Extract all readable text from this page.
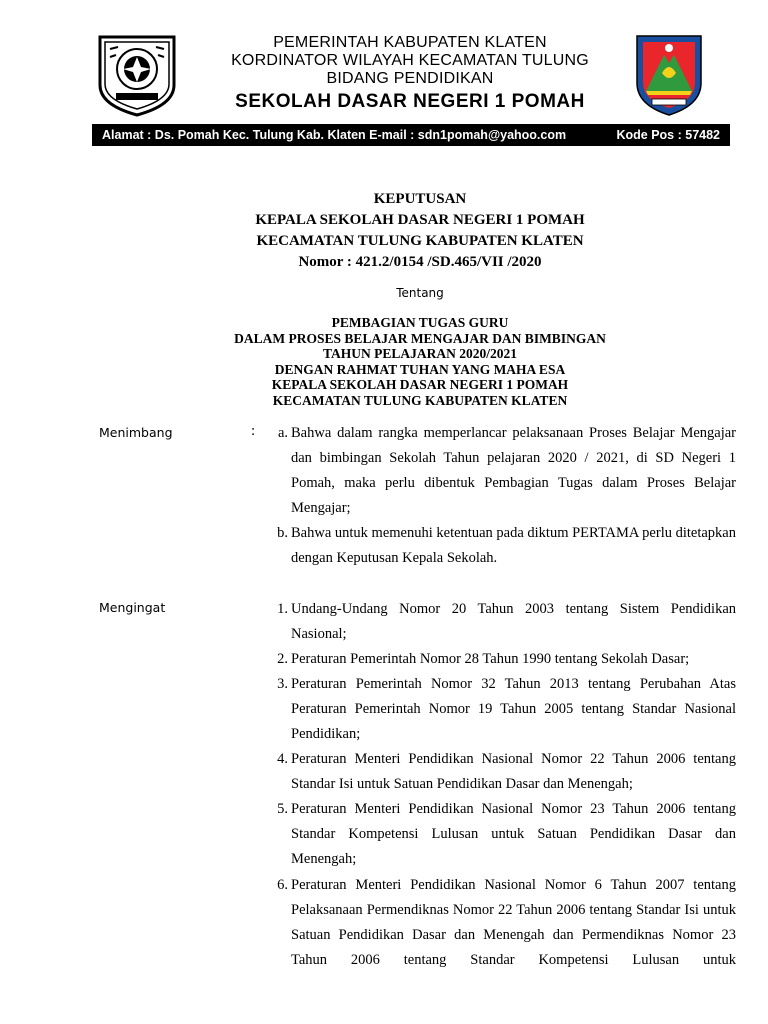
PEMERINTAH KABUPATEN KLATEN
KORDINATOR WILAYAH KECAMATAN TULUNG
BIDANG PENDIDIKAN
SEKOLAH DASAR NEGERI 1 POMAH
Alamat : Ds. Pomah Kec. Tulung Kab. Klaten E-mail : sdn1pomah@yahoo.com	Kode Pos : 57482
KEPUTUSAN
KEPALA SEKOLAH DASAR NEGERI 1 POMAH
KECAMATAN TULUNG KABUPATEN KLATEN
Nomor : 421.2/0154 /SD.465/VII /2020
Tentang
PEMBAGIAN TUGAS GURU
DALAM PROSES BELAJAR MENGAJAR DAN BIMBINGAN
TAHUN PELAJARAN 2020/2021
DENGAN RAHMAT TUHAN YANG MAHA ESA
KEPALA SEKOLAH DASAR NEGERI 1 POMAH
KECAMATAN TULUNG KABUPATEN KLATEN
Menimbang	:	a. Bahwa dalam rangka memperlancar pelaksanaan Proses Belajar Mengajar dan bimbingan Sekolah Tahun pelajaran 2020 / 2021, di SD Negeri 1 Pomah, maka perlu dibentuk Pembagian Tugas dalam Proses Belajar Mengajar;
b. Bahwa untuk memenuhi ketentuan pada diktum PERTAMA perlu ditetapkan dengan Keputusan Kepala Sekolah.
Mengingat	1. Undang-Undang Nomor 20 Tahun 2003 tentang Sistem Pendidikan Nasional;
2. Peraturan Pemerintah Nomor 28 Tahun 1990 tentang Sekolah Dasar;
3. Peraturan Pemerintah Nomor 32 Tahun 2013 tentang Perubahan Atas Peraturan Pemerintah Nomor 19 Tahun 2005 tentang Standar Nasional Pendidikan;
4. Peraturan Menteri Pendidikan Nasional Nomor 22 Tahun 2006 tentang Standar Isi untuk Satuan Pendidikan Dasar dan Menengah;
5. Peraturan Menteri Pendidikan Nasional Nomor 23 Tahun 2006 tentang Standar Kompetensi Lulusan untuk Satuan Pendidikan Dasar dan Menengah;
6. Peraturan Menteri Pendidikan Nasional Nomor 6 Tahun 2007 tentang Pelaksanaan Permendiknas Nomor 22 Tahun 2006 tentang Standar Isi untuk Satuan Pendidikan Dasar dan Menengah dan Permendiknas Nomor 23 Tahun 2006 tentang Standar Kompetensi Lulusan untuk
